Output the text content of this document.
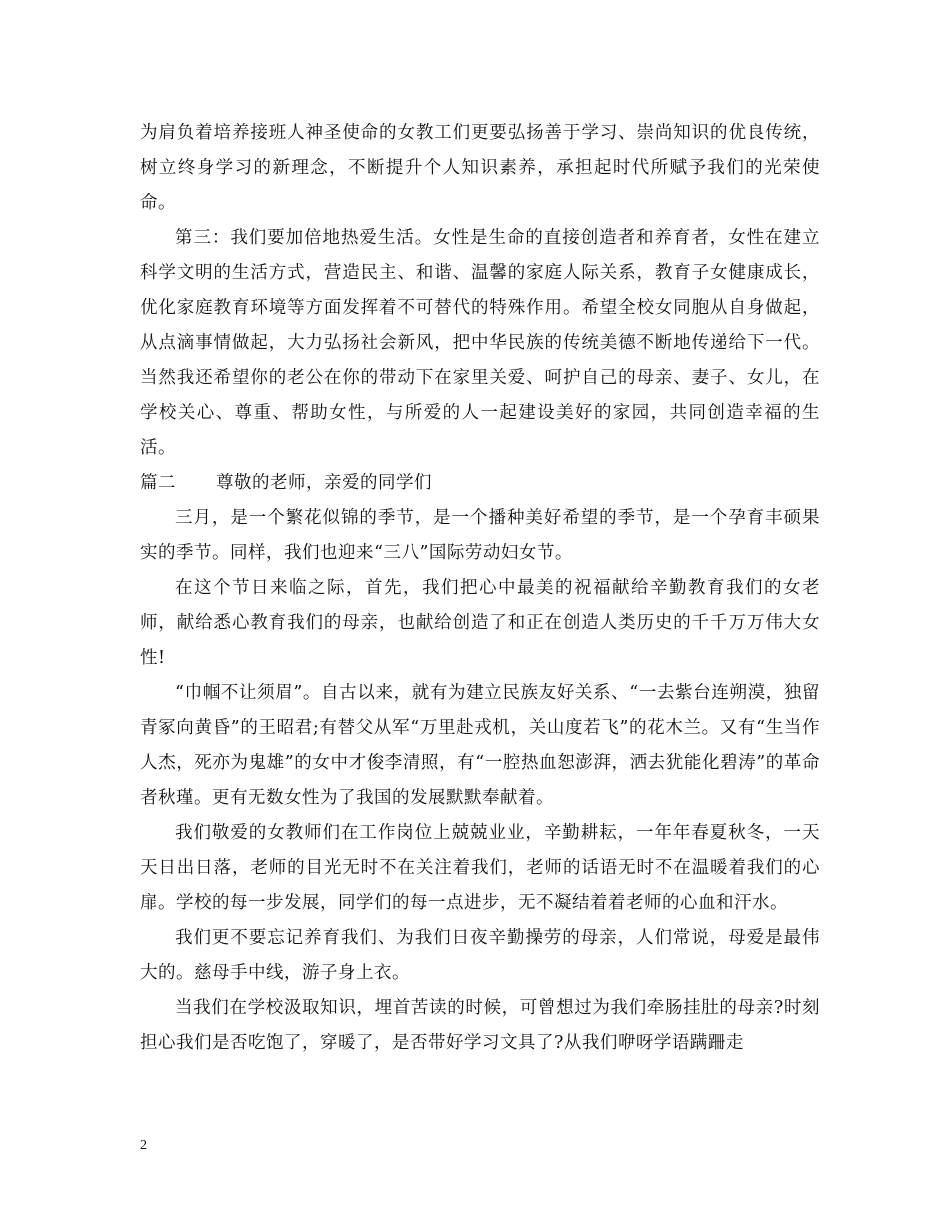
为肩负着培养接班人神圣使命的女教工们更要弘扬善于学习、崇尚知识的优良传统，树立终身学习的新理念，不断提升个人知识素养，承担起时代所赋予我们的光荣使命。

第三：我们要加倍地热爱生活。女性是生命的直接创造者和养育者，女性在建立科学文明的生活方式，营造民主、和谐、温馨的家庭人际关系，教育子女健康成长，优化家庭教育环境等方面发挥着不可替代的特殊作用。希望全校女同胞从自身做起，从点滴事情做起，大力弘扬社会新风，把中华民族的传统美德不断地传递给下一代。当然我还希望你的老公在你的带动下在家里关爱、呵护自己的母亲、妻子、女儿，在学校关心、尊重、帮助女性，与所爱的人一起建设美好的家园，共同创造幸福的生活。

篇二	尊敬的老师，亲爱的同学们

三月，是一个繁花似锦的季节，是一个播种美好希望的季节，是一个孕育丰硕果实的季节。同样，我们也迎来“三八”国际劳动妇女节。

在这个节日来临之际，首先，我们把心中最美的祝福献给辛勤教育我们的女老师，献给悉心教育我们的母亲，也献给创造了和正在创造人类历史的千千万万伟大女性!

“巾帼不让须眉”。自古以来，就有为建立民族友好关系、“一去紫台连朔漠，独留青冢向黄昏”的王昭君;有替父从军“万里赴戎机，关山度若飞”的花木兰。又有“生当作人杰，死亦为鬼雄”的女中才俊李清照，有“一腔热血恕澎湃，洒去犹能化碧涛”的革命者秋瑾。更有无数女性为了我国的发展默默奉献着。

我们敬爱的女教师们在工作岗位上兢兢业业，辛勤耕耘，一年年春夏秋冬，一天天日出日落，老师的目光无时不在关注着我们，老师的话语无时不在温暖着我们的心扉。学校的每一步发展，同学们的每一点进步，无不凝结着着老师的心血和汗水。

我们更不要忘记养育我们、为我们日夜辛勤操劳的母亲，人们常说，母爱是最伟大的。慈母手中线，游子身上衣。

当我们在学校汲取知识，埋首苦读的时候，可曾想过为我们牵肠挂肚的母亲?时刻担心我们是否吃饱了，穿暖了，是否带好学习文具了?从我们咿呀学语蹒跚走

2
